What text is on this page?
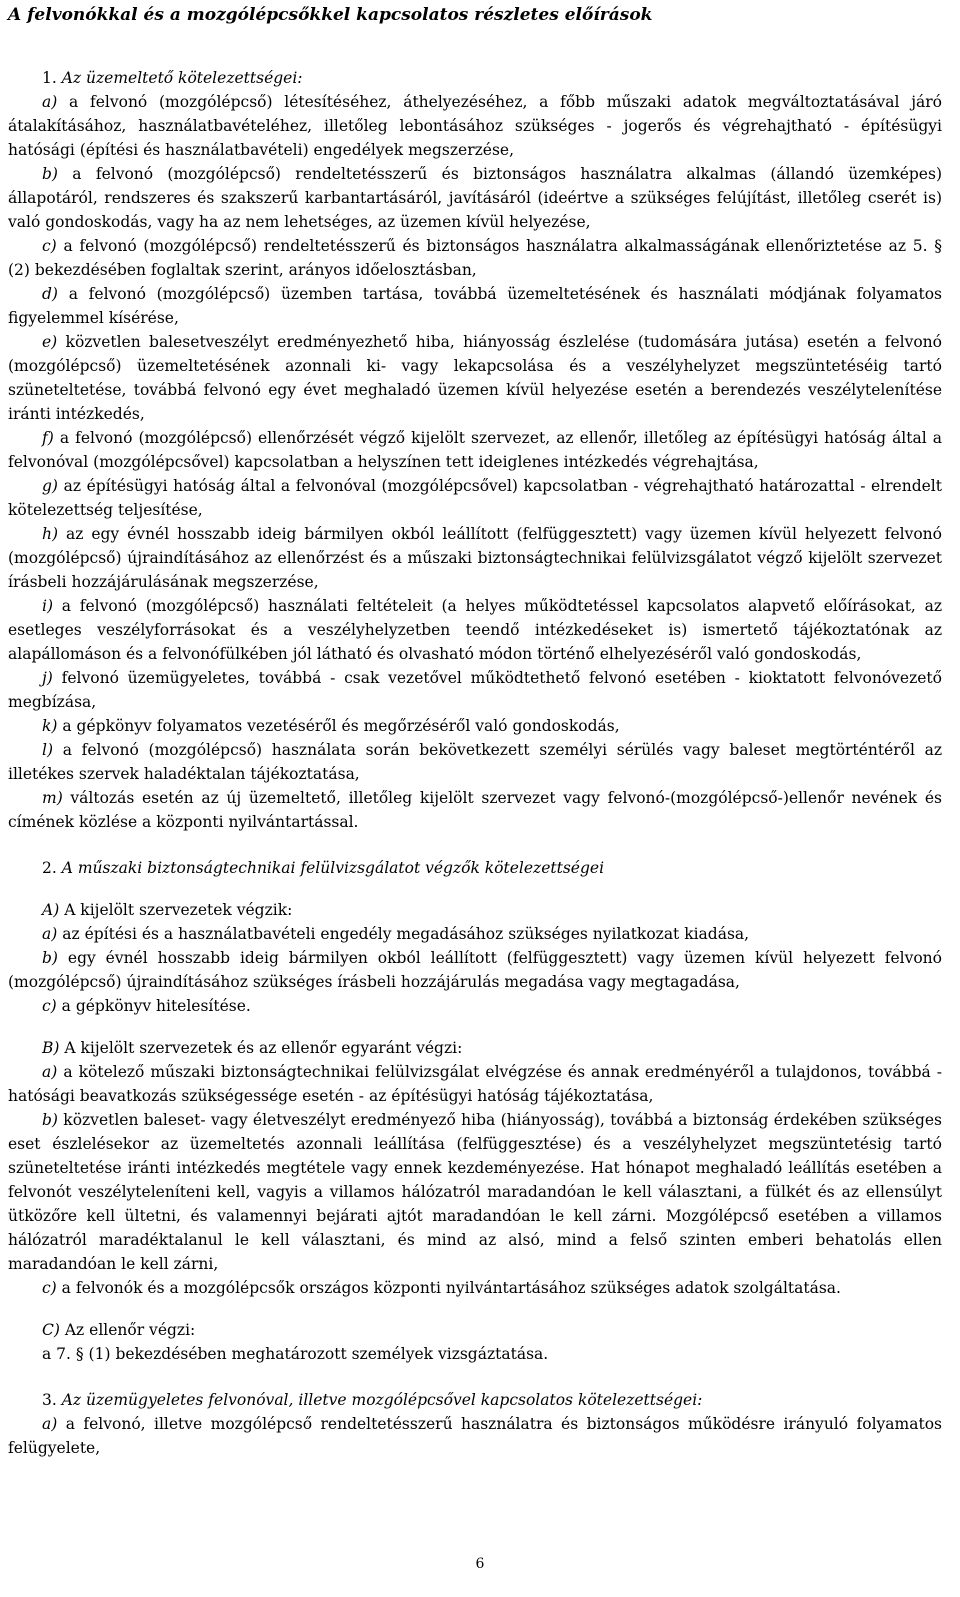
A felvonókkal és a mozgólépcsőkkel kapcsolatos részletes előírások
1. Az üzemeltető kötelezettségei:

a) a felvonó (mozgólépcső) létesítéséhez, áthelyezéséhez, a főbb műszaki adatok megváltoztatásával járó átalakításához, használatbavételéhez, illetőleg lebontásához szükséges - jogerős és végrehajtható - építésügyi hatósági (építési és használatbavételi) engedélyek megszerzése,

b) a felvonó (mozgólépcső) rendeltetésszerű és biztonságos használatra alkalmas (állandó üzemképes) állapotáról, rendszeres és szakszerű karbantartásáról, javításáról (ideértve a szükséges felújítást, illetőleg cserét is) való gondoskodás, vagy ha az nem lehetséges, az üzemen kívül helyezése,

c) a felvonó (mozgólépcső) rendeltetésszerű és biztonságos használatra alkalmasságának ellenőriztetése az 5. § (2) bekezdésében foglaltak szerint, arányos időelosztásban,

d) a felvonó (mozgólépcső) üzemben tartása, továbbá üzemeltetésének és használati módjának folyamatos figyelemmel kísérése,

e) közvetlen balesetveszélyt eredményezhető hiba, hiányosság észlelése (tudomására jutása) esetén a felvonó (mozgólépcső) üzemeltetésének azonnali ki- vagy lekapcsolása és a veszélyhelyzet megszüntetéséig tartó szüneteltetése, továbbá felvonó egy évet meghaladó üzemen kívül helyezése esetén a berendezés veszélytelenítése iránti intézkedés,

f) a felvonó (mozgólépcső) ellenőrzését végző kijelölt szervezet, az ellenőr, illetőleg az építésügyi hatóság által a felvonóval (mozgólépcsővel) kapcsolatban a helyszínen tett ideiglenes intézkedés végrehajtása,

g) az építésügyi hatóság által a felvonóval (mozgólépcsővel) kapcsolatban - végrehajtható határozattal - elrendelt kötelezettség teljesítése,

h) az egy évnél hosszabb ideig bármilyen okból leállított (felfüggesztett) vagy üzemen kívül helyezett felvonó (mozgólépcső) újraindításához az ellenőrzést és a műszaki biztonságtechnikai felülvizsgálatot végző kijelölt szervezet írásbeli hozzájárulásának megszerzése,

i) a felvonó (mozgólépcső) használati feltételeit (a helyes működtetéssel kapcsolatos alapvető előírásokat, az esetleges veszélyforrásokat és a veszélyhelyzetben teendő intézkedéseket is) ismertető tájékoztatónak az alapállomáson és a felvonófülkében jól látható és olvasható módon történő elhelyezéséről való gondoskodás,

j) felvonó üzemügyeletes, továbbá - csak vezetővel működtethető felvonó esetében - kioktatott felvonóvezető megbízása,

k) a gépkönyv folyamatos vezetéséről és megőrzéséről való gondoskodás,

l) a felvonó (mozgólépcső) használata során bekövetkezett személyi sérülés vagy baleset megtörténtéről az illetékes szervek haladéktalan tájékoztatása,

m) változás esetén az új üzemeltető, illetőleg kijelölt szervezet vagy felvonó-(mozgólépcső-)ellenőr nevének és címének közlése a központi nyilvántartással.

2. A műszaki biztonságtechnikai felülvizsgálatot végzők kötelezettségei

A) A kijelölt szervezetek végzik:

a) az építési és a használatbavételi engedély megadásához szükséges nyilatkozat kiadása,

b) egy évnél hosszabb ideig bármilyen okból leállított (felfüggesztett) vagy üzemen kívül helyezett felvonó (mozgólépcső) újraindításához szükséges írásbeli hozzájárulás megadása vagy megtagadása,

c) a gépkönyv hitelesítése.

B) A kijelölt szervezetek és az ellenőr egyaránt végzi:

a) a kötelező műszaki biztonságtechnikai felülvizsgálat elvégzése és annak eredményéről a tulajdonos, továbbá - hatósági beavatkozás szükségessége esetén - az építésügyi hatóság tájékoztatása,

b) közvetlen baleset- vagy életveszélyt eredményező hiba (hiányosság), továbbá a biztonság érdekében szükséges eset észlelésekor az üzemeltetés azonnali leállítása (felfüggesztése) és a veszélyhelyzet megszüntetésig tartó szüneteltetése iránti intézkedés megtétele vagy ennek kezdeményezése. Hat hónapot meghaladó leállítás esetében a felvonót veszélyteleníteni kell, vagyis a villamos hálózatról maradandóan le kell választani, a fülkét és az ellensúlyt ütközőre kell ültetni, és valamennyi bejárati ajtót maradandóan le kell zárni. Mozgólépcső esetében a villamos hálózatról maradéktalanul le kell választani, és mind az alsó, mind a felső szinten emberi behatolás ellen maradandóan le kell zárni,

c) a felvonók és a mozgólépcsők országos központi nyilvántartásához szükséges adatok szolgáltatása.

C) Az ellenőr végzi:

a 7. § (1) bekezdésében meghatározott személyek vizsgáztatása.

3. Az üzemügyeletes felvonóval, illetve mozgólépcsővel kapcsolatos kötelezettségei:

a) a felvonó, illetve mozgólépcső rendeltetésszerű használatra és biztonságos működésre irányuló folyamatos felügyelete,

6
